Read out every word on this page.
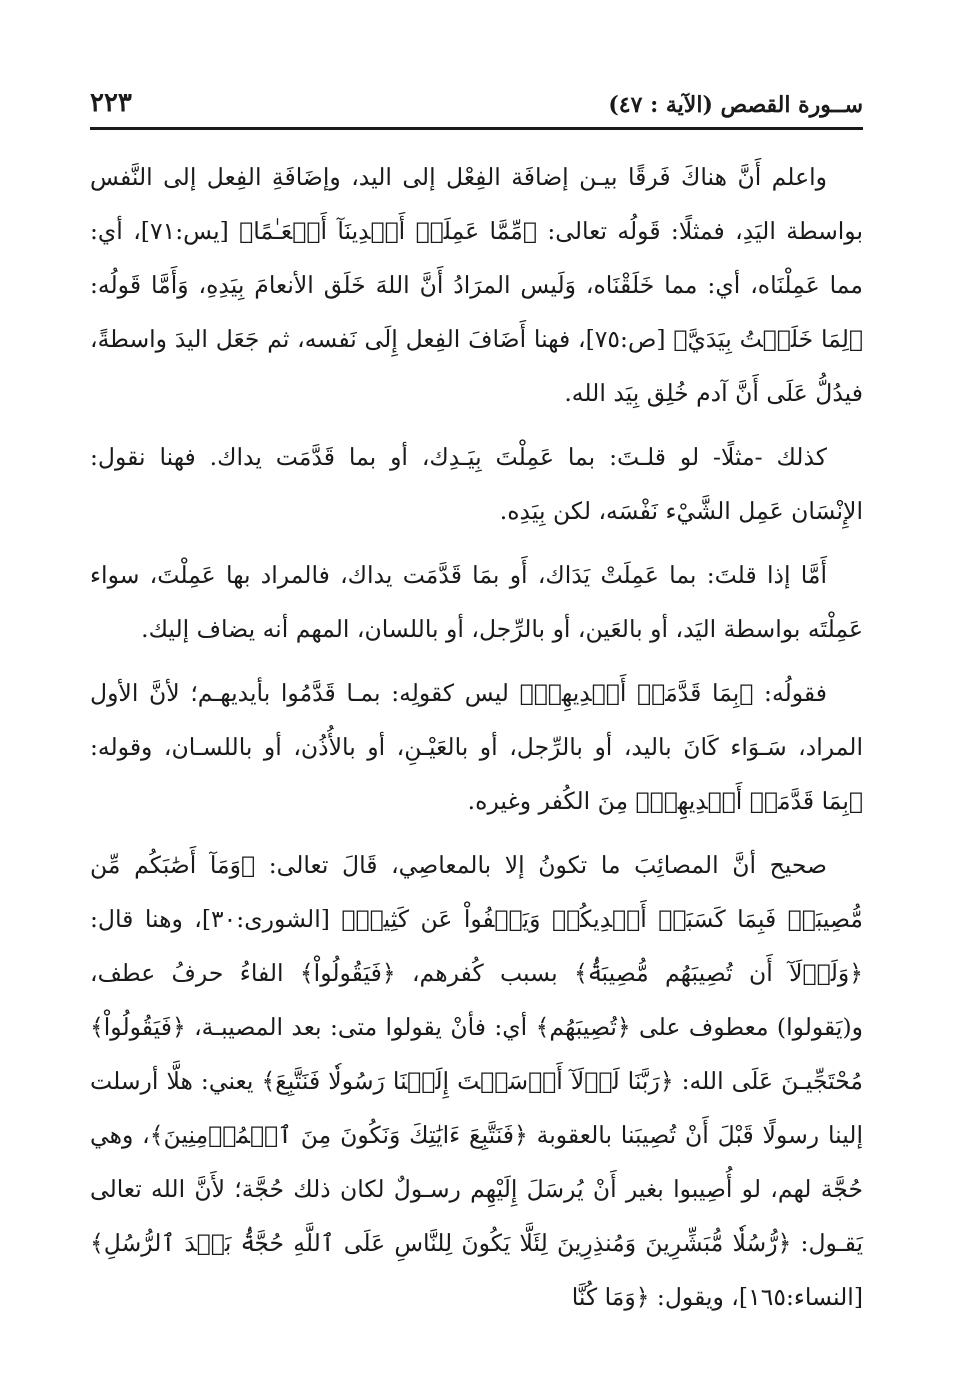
ســورة القصص (الآية : ٤٧)
٢٢٣

واعلم أَنَّ هناكَ فَرقًا بيـن إضافَة الفِعْل إلى اليد، وإضَافَةِ الفِعل إلى النَّفس بواسطة اليَدِ، فمثلًا: قَولُه تعالى: ﴿مِّمَّا عَمِلَتۡ أَيۡدِينَآ أَنۡعَـٰمًا﴾ [يس:٧١]، أي: مما عَمِلْنَاه، أي: مما خَلَقْنَاه، وَلَيس المرَادُ أَنَّ اللهَ خَلَق الأنعامَ بِيَدِهِ، وَأَمَّا قَولُه: ﴿لِمَا خَلَقۡتُ بِيَدَيَّ﴾ [ص:٧٥]، فهنا أَضَافَ الفِعل إِلَى نَفسه، ثم جَعَل اليدَ واسطةً، فيدُلُّ عَلَى أَنَّ آدم خُلِق بِيَد الله.

كذلك -مثلًا- لو قلـتَ: بما عَمِلْتَ بِيَـدِك، أو بما قَدَّمَت يداك. فهنا نقول: الإِنْسَان عَمِل الشَّيْء نَفْسَه، لكن بِيَدِه.

أَمَّا إذا قلتَ: بما عَمِلَتْ يَدَاك، أَو بمَا قَدَّمَت يداك، فالمراد بها عَمِلْتَ، سواء عَمِلْتَه بواسطة اليَد، أو بالعَين، أو بالرِّجل، أو باللسان، المهم أنه يضاف إليك.

فقولُه: ﴿بِمَا قَدَّمَتۡ أَيۡدِيهِمۡ﴾ ليس كقولِه: بمـا قَدَّمُوا بأيديهـم؛ لأنَّ الأول المراد، سَـوَاء كَانَ باليد، أو بالرِّجل، أو بالعَيْـنِ، أو بالأُذُن، أو باللسـان، وقوله: ﴿بِمَا قَدَّمَتۡ أَيۡدِيهِمۡ﴾ مِنَ الكُفر وغيره.

صحيح أنَّ المصائِبَ ما تكونُ إلا بالمعاصِي، قَالَ تعالى: ﴿وَمَآ أَصَٰبَكُم مِّن مُّصِيبَةٖ فَبِمَا كَسَبَتۡ أَيۡدِيكُمۡ وَيَعۡفُواْ عَن كَثِيرٖ﴾ [الشورى:٣٠]، وهنا قال: ﴿وَلَوۡلَآ أَن تُصِيبَهُم مُّصِيبَةُۢ﴾ بسبب كُفرهم، ﴿فَيَقُولُواْ﴾ الفاءُ حرفُ عطف، و(يَقولوا) معطوف على ﴿تُصِيبَهُم﴾ أي: فأنْ يقولوا متى: بعد المصيبـة، ﴿فَيَقُولُواْ﴾ مُحْتَجِّيـنَ عَلَى الله: ﴿رَبَّنَا لَوۡلَآ أَرۡسَلۡتَ إِلَيۡنَا رَسُولٗا فَنَتَّبِعَ﴾ يعني: هلَّا أرسلت إلينا رسولًا قَبْلَ أَنْ تُصِيبَنا بالعقوبة ﴿فَنَتَّبِعَ ءَايَٰتِكَ وَنَكُونَ مِنَ ٱلۡمُؤۡمِنِينَ﴾، وهي حُجَّة لهم، لو أُصِيبوا بغير أَنْ يُرسَلَ إِلَيْهِم رسـولٌ لكان ذلك حُجَّة؛ لأَنَّ الله تعالى يَقـول: ﴿رُّسُلٗا مُّبَشِّرِينَ وَمُنذِرِينَ لِئَلَّا يَكُونَ لِلنَّاسِ عَلَى ٱللَّهِ حُجَّةُۢ بَعۡدَ ٱلرُّسُلِ﴾ [النساء:١٦٥]، ويقول: ﴿وَمَا كُنَّا
